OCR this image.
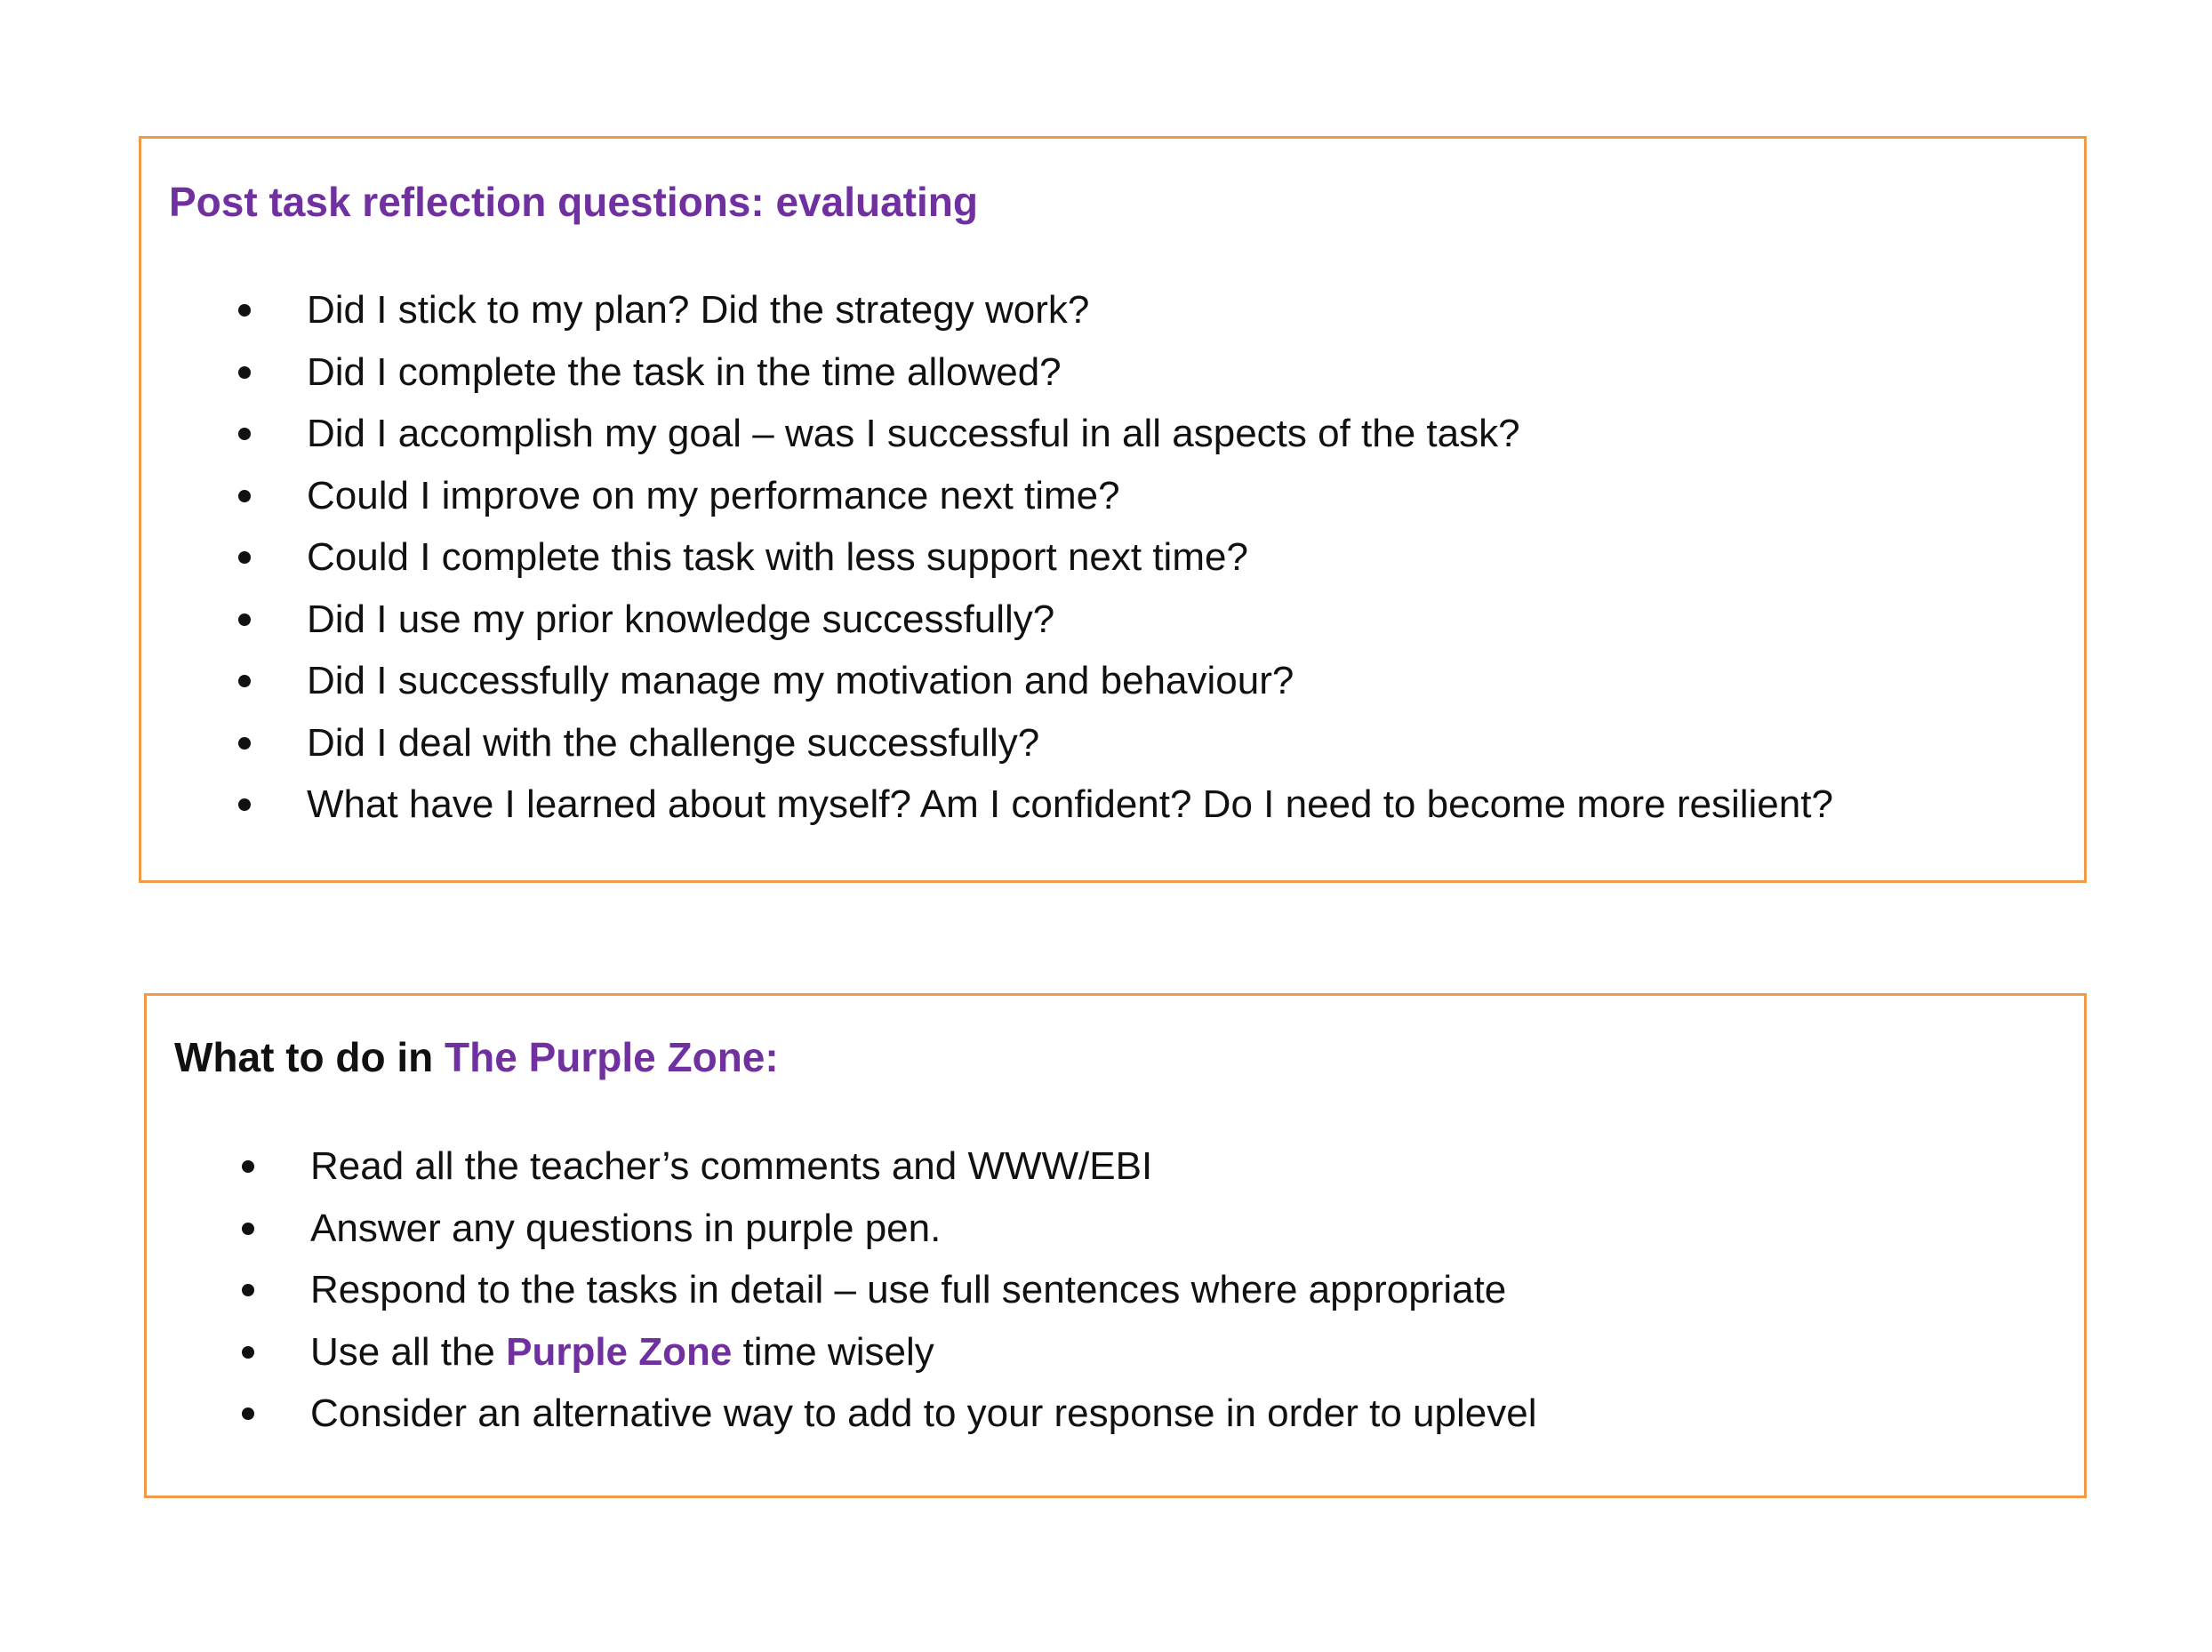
Post task reflection questions: evaluating
Did I stick to my plan? Did the strategy work?
Did I complete the task in the time allowed?
Did I accomplish my goal – was I successful in all aspects of the task?
Could I improve on my performance next time?
Could I complete this task with less support next time?
Did I use my prior knowledge successfully?
Did I successfully manage my motivation and behaviour?
Did I deal with the challenge successfully?
What have I learned about myself? Am I confident? Do I need to become more resilient?
What to do in The Purple Zone:
Read all the teacher’s comments and WWW/EBI
Answer any questions in purple pen.
Respond to the tasks in detail – use full sentences where appropriate
Use all the Purple Zone time wisely
Consider an alternative way to add to your response in order to uplevel
